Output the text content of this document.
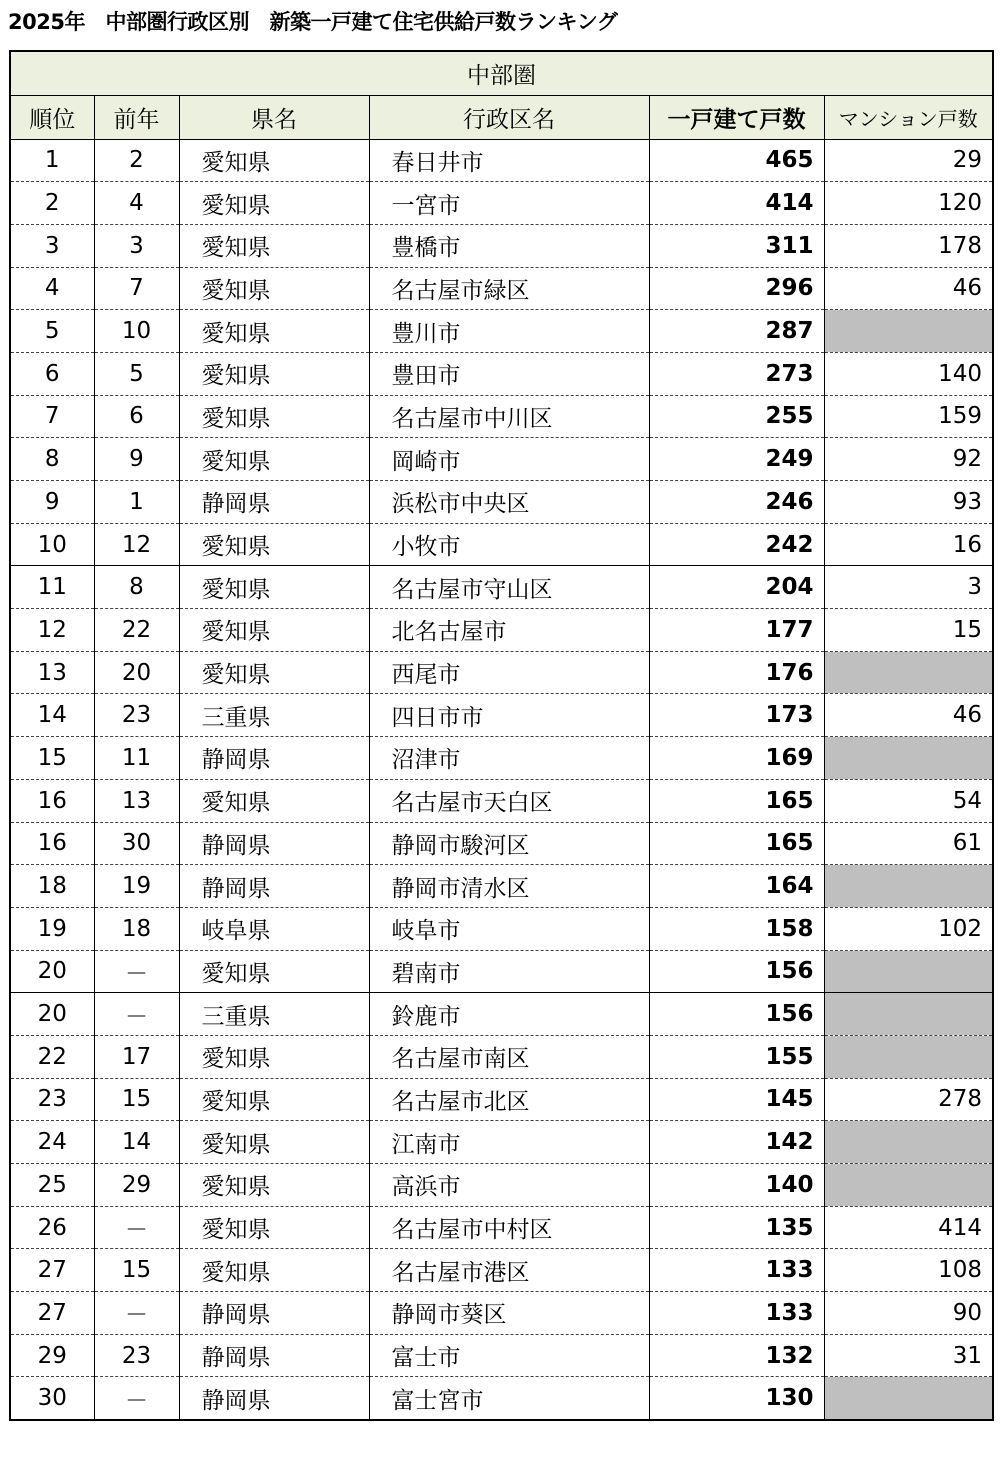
2025年　中部圏行政区別　新築一戸建て住宅供給戸数ランキング
中部圏					
順位	前年	県名	行政区名	一戸建て戸数	マンション戸数
1	2	愛知県	春日井市	465	29
2	4	愛知県	一宮市	414	120
3	3	愛知県	豊橋市	311	178
4	7	愛知県	名古屋市緑区	296	46
5	10	愛知県	豊川市	287	
6	5	愛知県	豊田市	273	140
7	6	愛知県	名古屋市中川区	255	159
8	9	愛知県	岡崎市	249	92
9	1	静岡県	浜松市中央区	246	93
10	12	愛知県	小牧市	242	16
11	8	愛知県	名古屋市守山区	204	3
12	22	愛知県	北名古屋市	177	15
13	20	愛知県	西尾市	176	
14	23	三重県	四日市市	173	46
15	11	静岡県	沼津市	169	
16	13	愛知県	名古屋市天白区	165	54
16	30	静岡県	静岡市駿河区	165	61
18	19	静岡県	静岡市清水区	164	
19	18	岐阜県	岐阜市	158	102
20	－	愛知県	碧南市	156	
20	－	三重県	鈴鹿市	156	
22	17	愛知県	名古屋市南区	155	
23	15	愛知県	名古屋市北区	145	278
24	14	愛知県	江南市	142	
25	29	愛知県	高浜市	140	
26	－	愛知県	名古屋市中村区	135	414
27	15	愛知県	名古屋市港区	133	108
27	－	静岡県	静岡市葵区	133	90
29	23	静岡県	富士市	132	31
30	－	静岡県	富士宮市	130	
